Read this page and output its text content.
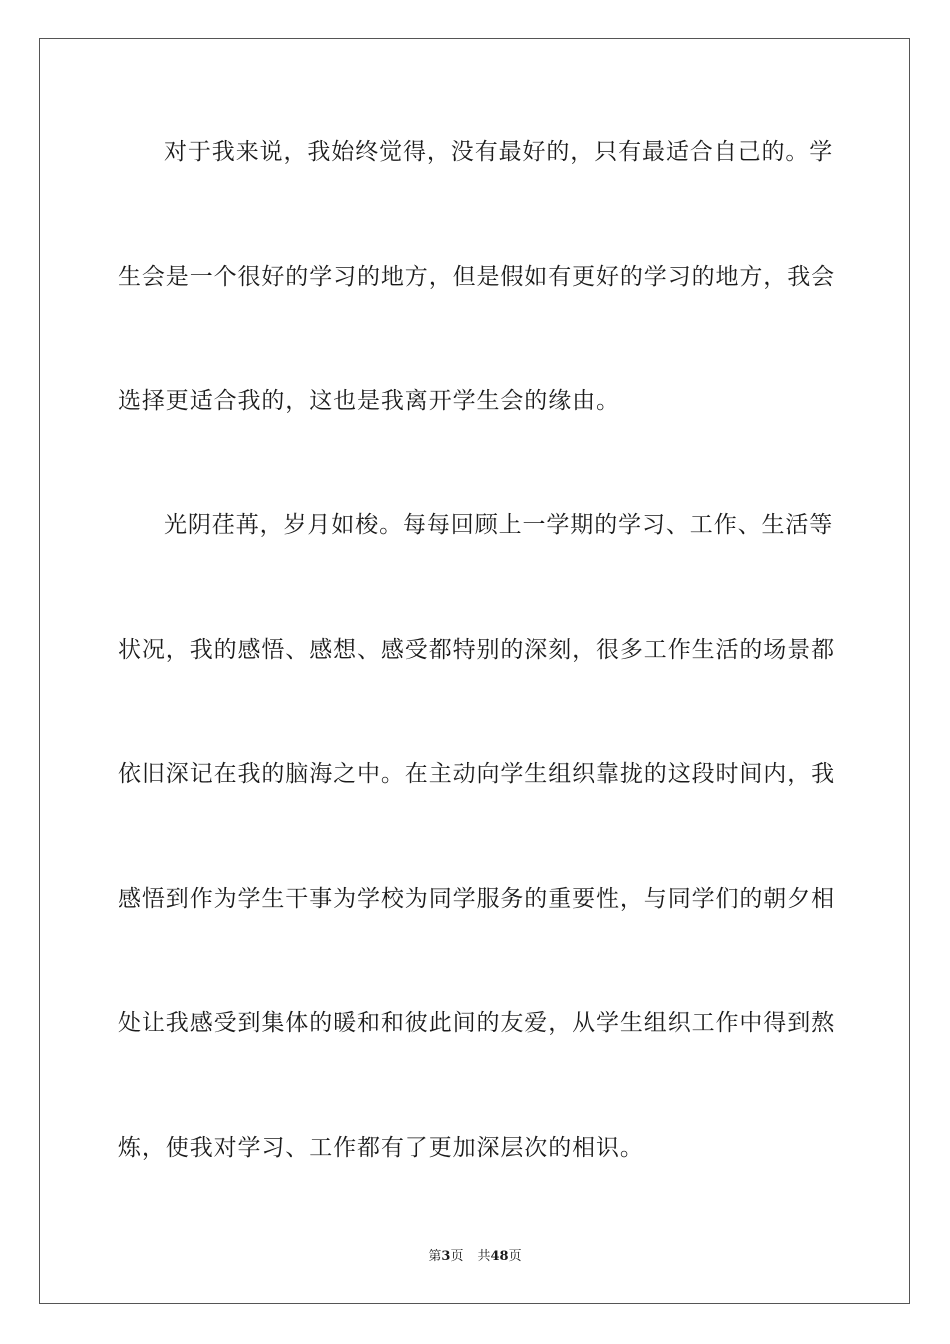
对于我来说，我始终觉得，没有最好的，只有最适合自己的。学
生会是一个很好的学习的地方，但是假如有更好的学习的地方，我会
选择更适合我的，这也是我离开学生会的缘由。
光阴荏苒，岁月如梭。每每回顾上一学期的学习、工作、生活等
状况，我的感悟、感想、感受都特别的深刻，很多工作生活的场景都
依旧深记在我的脑海之中。在主动向学生组织靠拢的这段时间内，我
感悟到作为学生干事为学校为同学服务的重要性，与同学们的朝夕相
处让我感受到集体的暖和和彼此间的友爱，从学生组织工作中得到熬
炼，使我对学习、工作都有了更加深层次的相识。
第3页 共48页
